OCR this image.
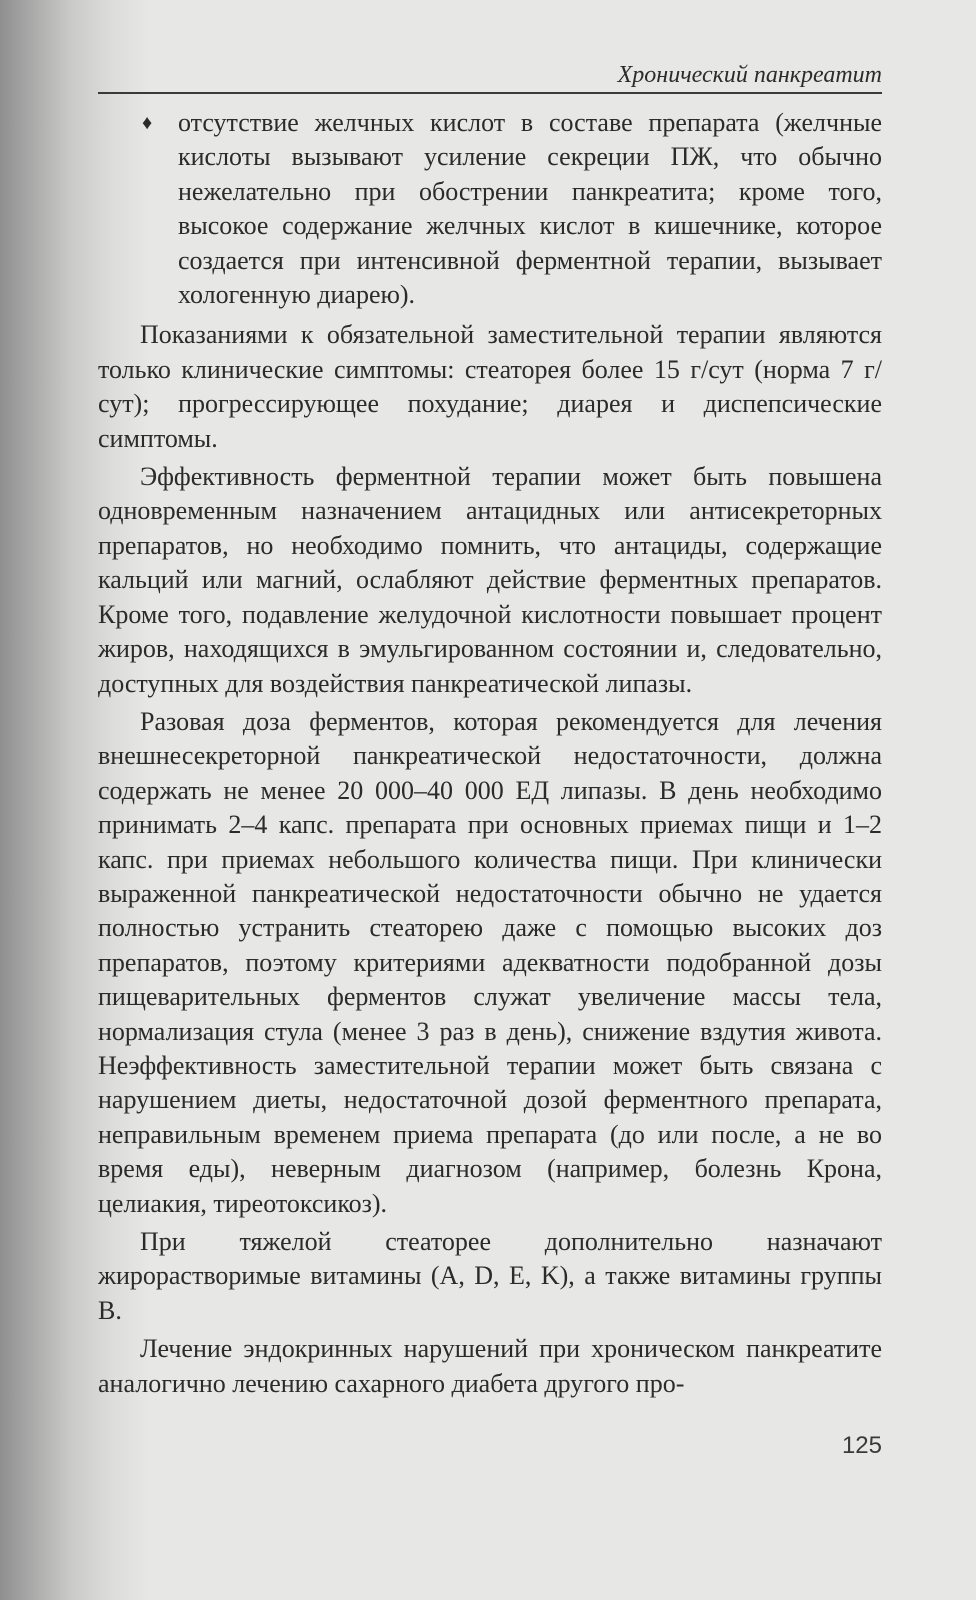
Хронический панкреатит
♦ отсутствие желчных кислот в составе препарата (желчные кислоты вызывают усиление секреции ПЖ, что обычно нежелательно при обострении панкреатита; кроме того, высокое содержание желчных кислот в кишечнике, которое создается при интенсивной ферментной терапии, вызывает хологенную диарею).

Показаниями к обязательной заместительной терапии являются только клинические симптомы: стеаторея более 15 г/сут (норма 7 г/сут); прогрессирующее похудание; диарея и диспепсические симптомы.

Эффективность ферментной терапии может быть повышена одновременным назначением антацидных или антисекреторных препаратов, но необходимо помнить, что антациды, содержащие кальций или магний, ослабляют действие ферментных препаратов. Кроме того, подавление желудочной кислотности повышает процент жиров, находящихся в эмульгированном состоянии и, следовательно, доступных для воздействия панкреатической липазы.

Разовая доза ферментов, которая рекомендуется для лечения внешнесекреторной панкреатической недостаточности, должна содержать не менее 20 000–40 000 ЕД липазы. В день необходимо принимать 2–4 капс. препарата при основных приемах пищи и 1–2 капс. при приемах небольшого количества пищи. При клинически выраженной панкреатической недостаточности обычно не удается полностью устранить стеаторею даже с помощью высоких доз препаратов, поэтому критериями адекватности подобранной дозы пищеварительных ферментов служат увеличение массы тела, нормализация стула (менее 3 раз в день), снижение вздутия живота. Неэффективность заместительной терапии может быть связана с нарушением диеты, недостаточной дозой ферментного препарата, неправильным временем приема препарата (до или после, а не во время еды), неверным диагнозом (например, болезнь Крона, целиакия, тиреотоксикоз).

При тяжелой стеаторее дополнительно назначают жирорастворимые витамины (A, D, E, K), а также витамины группы B.

Лечение эндокринных нарушений при хроническом панкреатите аналогично лечению сахарного диабета другого про-

125
